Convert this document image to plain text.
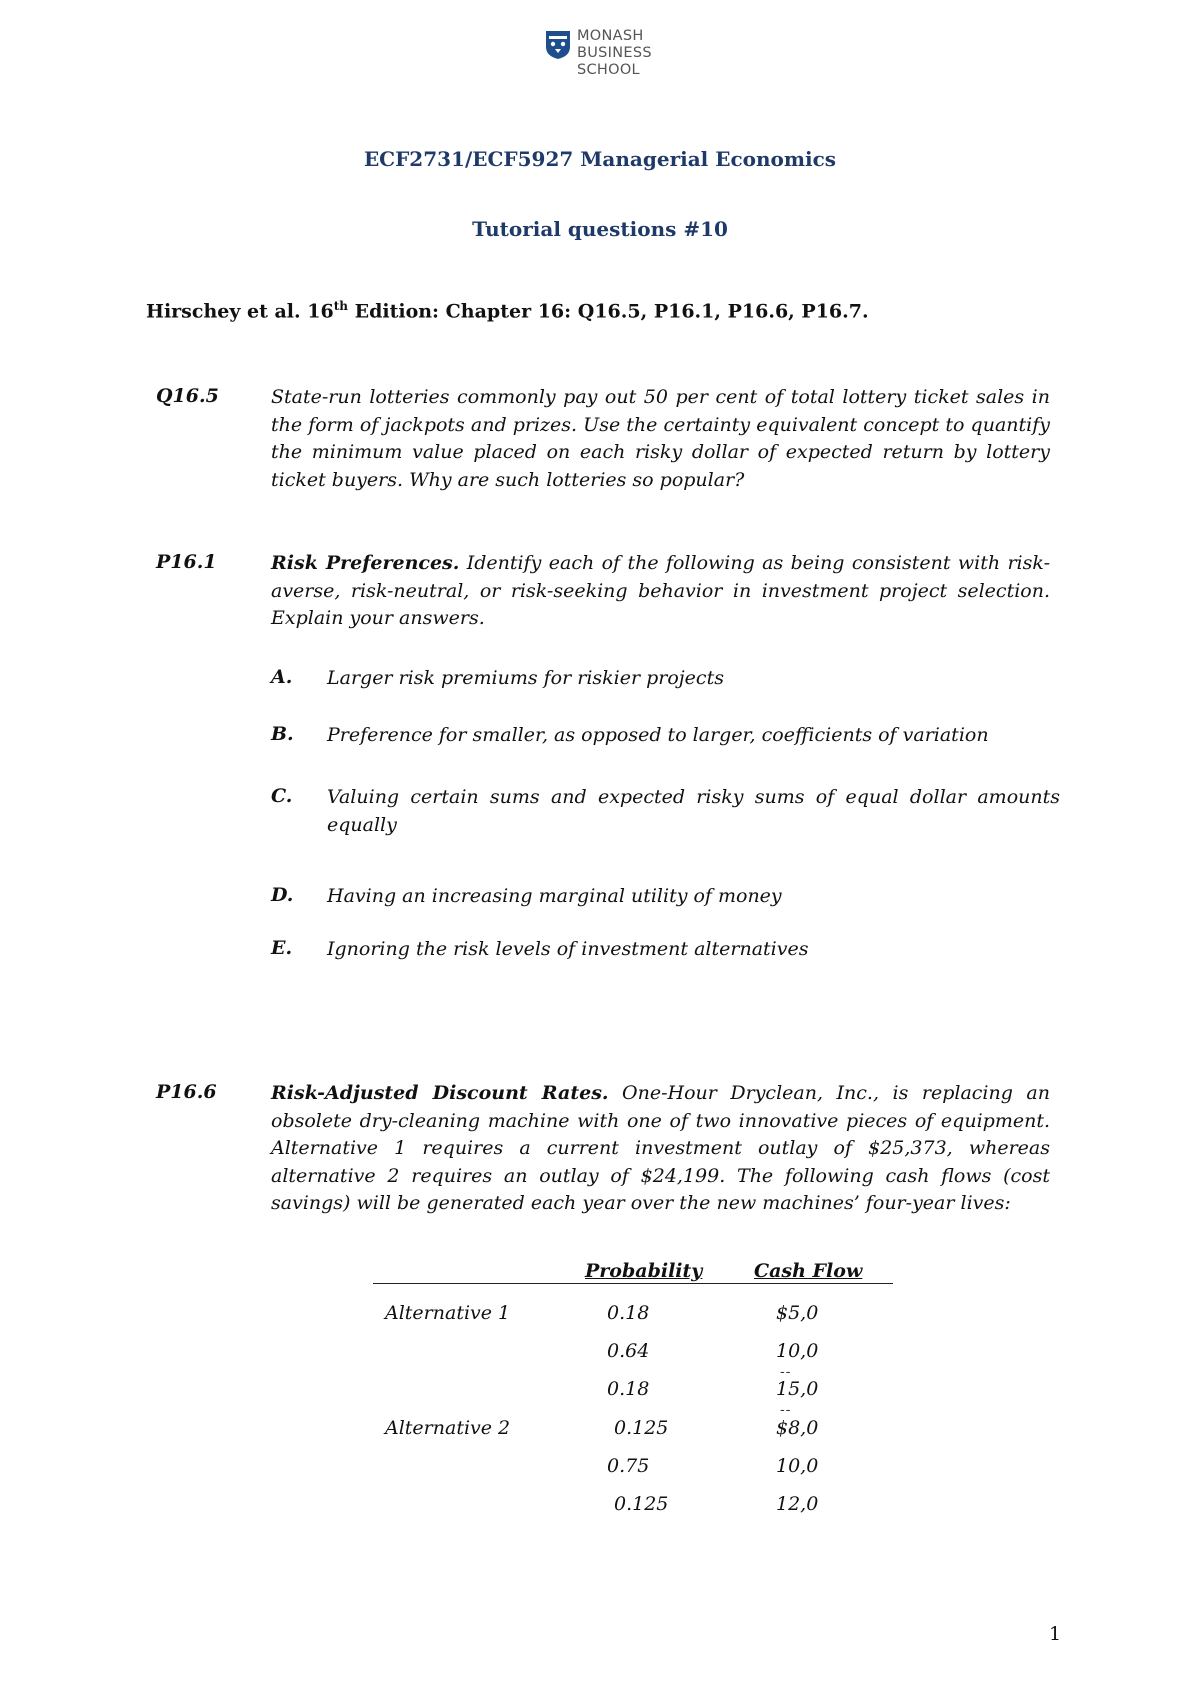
MONASH
BUSINESS
SCHOOL
ECF2731/ECF5927 Managerial Economics
Tutorial questions #10
Hirschey et al. 16th Edition: Chapter 16: Q16.5, P16.1, P16.6, P16.7.
Q16.5	State-run lotteries commonly pay out 50 per cent of total lottery ticket sales in the form of jackpots and prizes. Use the certainty equivalent concept to quantify the minimum value placed on each risky dollar of expected return by lottery ticket buyers. Why are such lotteries so popular?
P16.1	Risk Preferences. Identify each of the following as being consistent with risk-averse, risk-neutral, or risk-seeking behavior in investment project selection. Explain your answers.
A. Larger risk premiums for riskier projects
B. Preference for smaller, as opposed to larger, coefficients of variation
C. Valuing certain sums and expected risky sums of equal dollar amounts equally
D. Having an increasing marginal utility of money
E. Ignoring the risk levels of investment alternatives
P16.6	Risk-Adjusted Discount Rates. One-Hour Dryclean, Inc., is replacing an obsolete dry-cleaning machine with one of two innovative pieces of equipment. Alternative 1 requires a current investment outlay of $25,373, whereas alternative 2 requires an outlay of $24,199. The following cash flows (cost savings) will be generated each year over the new machines’ four-year lives:
Probability	Cash Flow
Alternative 1	0.18	$5,0
0.64	10,0
--
0.18	15,0
--
Alternative 2	0.125	$8,0
0.75	10,0
0.125	12,0
1
